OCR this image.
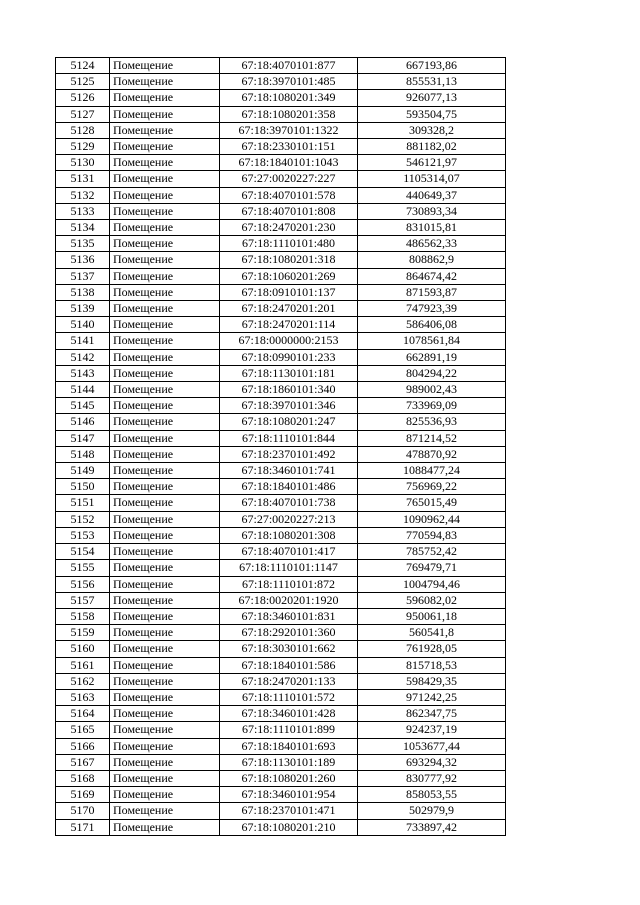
5124	Помещение	67:18:4070101:877	667193,86
5125	Помещение	67:18:3970101:485	855531,13
5126	Помещение	67:18:1080201:349	926077,13
5127	Помещение	67:18:1080201:358	593504,75
5128	Помещение	67:18:3970101:1322	309328,2
5129	Помещение	67:18:2330101:151	881182,02
5130	Помещение	67:18:1840101:1043	546121,97
5131	Помещение	67:27:0020227:227	1105314,07
5132	Помещение	67:18:4070101:578	440649,37
5133	Помещение	67:18:4070101:808	730893,34
5134	Помещение	67:18:2470201:230	831015,81
5135	Помещение	67:18:1110101:480	486562,33
5136	Помещение	67:18:1080201:318	808862,9
5137	Помещение	67:18:1060201:269	864674,42
5138	Помещение	67:18:0910101:137	871593,87
5139	Помещение	67:18:2470201:201	747923,39
5140	Помещение	67:18:2470201:114	586406,08
5141	Помещение	67:18:0000000:2153	1078561,84
5142	Помещение	67:18:0990101:233	662891,19
5143	Помещение	67:18:1130101:181	804294,22
5144	Помещение	67:18:1860101:340	989002,43
5145	Помещение	67:18:3970101:346	733969,09
5146	Помещение	67:18:1080201:247	825536,93
5147	Помещение	67:18:1110101:844	871214,52
5148	Помещение	67:18:2370101:492	478870,92
5149	Помещение	67:18:3460101:741	1088477,24
5150	Помещение	67:18:1840101:486	756969,22
5151	Помещение	67:18:4070101:738	765015,49
5152	Помещение	67:27:0020227:213	1090962,44
5153	Помещение	67:18:1080201:308	770594,83
5154	Помещение	67:18:4070101:417	785752,42
5155	Помещение	67:18:1110101:1147	769479,71
5156	Помещение	67:18:1110101:872	1004794,46
5157	Помещение	67:18:0020201:1920	596082,02
5158	Помещение	67:18:3460101:831	950061,18
5159	Помещение	67:18:2920101:360	560541,8
5160	Помещение	67:18:3030101:662	761928,05
5161	Помещение	67:18:1840101:586	815718,53
5162	Помещение	67:18:2470201:133	598429,35
5163	Помещение	67:18:1110101:572	971242,25
5164	Помещение	67:18:3460101:428	862347,75
5165	Помещение	67:18:1110101:899	924237,19
5166	Помещение	67:18:1840101:693	1053677,44
5167	Помещение	67:18:1130101:189	693294,32
5168	Помещение	67:18:1080201:260	830777,92
5169	Помещение	67:18:3460101:954	858053,55
5170	Помещение	67:18:2370101:471	502979,9
5171	Помещение	67:18:1080201:210	733897,42
